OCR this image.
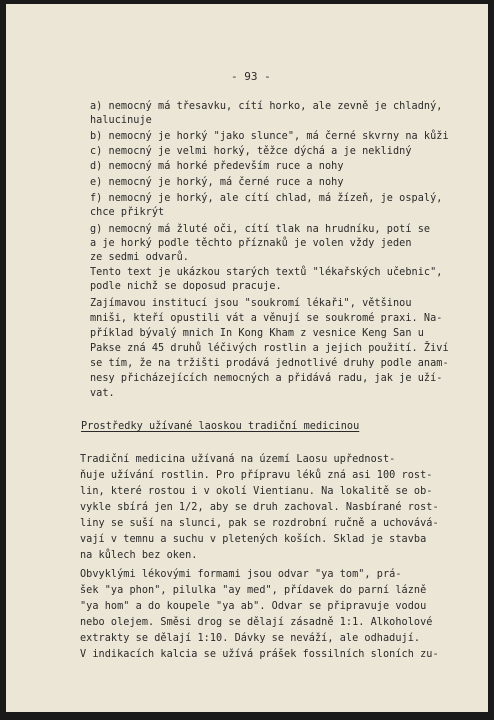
- 93 -
a) nemocný má třesavku, cítí horko, ale zevně je chladný,
halucinuje
b) nemocný je horký "jako slunce", má černé skvrny na kůži
c) nemocný je velmi horký, těžce dýchá a je neklidný
d) nemocný má horké především ruce a nohy
e) nemocný je horký, má černé ruce a nohy
f) nemocný je horký, ale cítí chlad, má žízeň, je ospalý,
chce přikrýt
g) nemocný má žluté oči, cítí tlak na hrudníku, potí se
a je horký podle těchto příznaků je volen vždy jeden
ze sedmi odvarů.
Tento text je ukázkou starých textů "lékařských učebnic",
podle nichž se doposud pracuje.
Zajímavou institucí jsou "soukromí lékaři", většinou
mniši, kteří opustili vát a věnují se soukromé praxi. Na-
příklad bývalý mnich In Kong Kham z vesnice Keng San u
Pakse zná 45 druhů léčivých rostlin a jejich použití. Živí
se tím, že na tržišti prodává jednotlivé druhy podle anam-
nesy přicházejících nemocných a přidává radu, jak je uží-
vat.
Prostředky užívané laoskou tradiční medicinou
Tradiční medicina užívaná na území Laosu upřednost-
ňuje užívání rostlin. Pro přípravu léků zná asi 100 rost-
lin, které rostou i v okolí Vientianu. Na lokalitě se ob-
vykle sbírá jen 1/2, aby se druh zachoval. Nasbírané rost-
liny se suší na slunci, pak se rozdrobní ručně a uchovává-
vají v temnu a suchu v pletených koších. Sklad je stavba
na kůlech bez oken.
Obvyklými lékovými formami jsou odvar "ya tom", prá-
šek "ya phon", pilulka "ay med", přídavek do parní lázně
"ya hom" a do koupele "ya ab". Odvar se připravuje vodou
nebo olejem. Směsi drog se dělají zásadně 1:1. Alkoholové
extrakty se dělají 1:10. Dávky se neváží, ale odhadují.
V indikacích kalcia se užívá prášek fossilních sloních zu-
